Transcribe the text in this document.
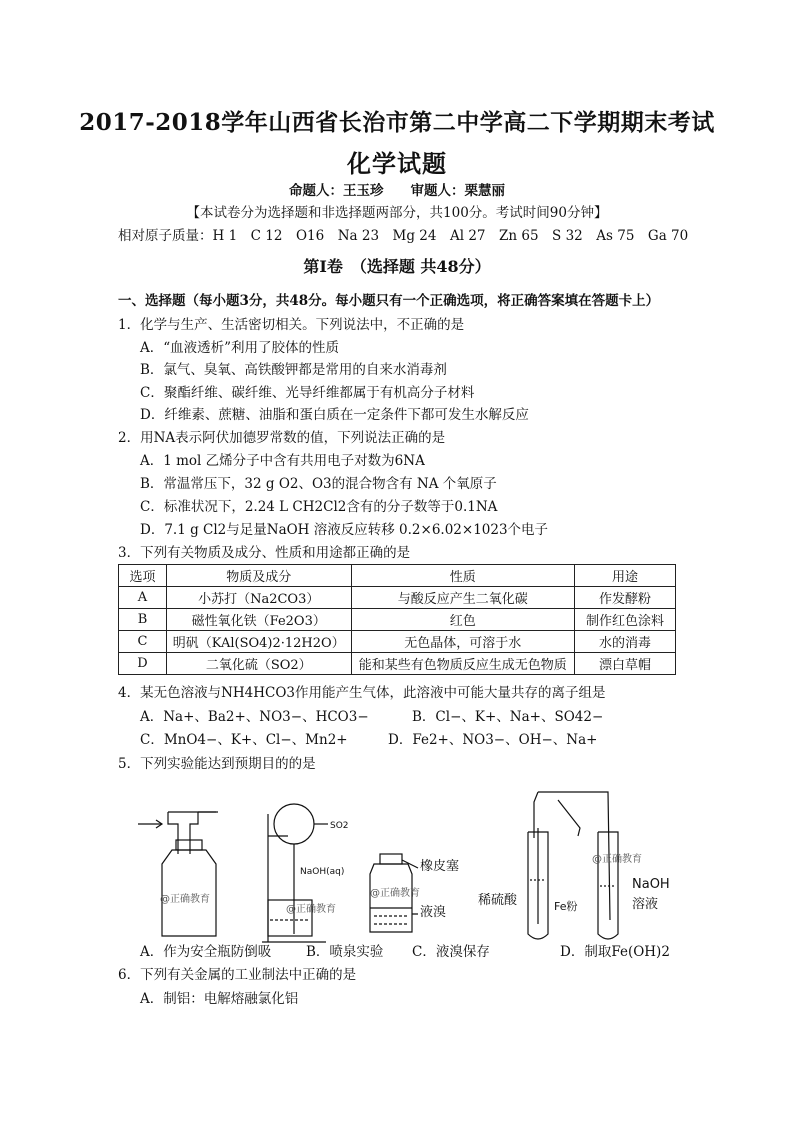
2017-2018学年山西省长治市第二中学高二下学期期末考试
化学试题
命题人：王玉珍　　审题人：栗慧丽
【本试卷分为选择题和非选择题两部分，共100分。考试时间90分钟】
相对原子质量：H 1　C 12　O16　Na 23　Mg 24　Al 27　Zn 65　S 32　As 75　Ga 70
第Ⅰ卷　（选择题 共48分）
一、选择题（每小题3分，共48分。每小题只有一个正确选项，将正确答案填在答题卡上）
1．化学与生产、生活密切相关。下列说法中，不正确的是
A．“血液透析”利用了胶体的性质
B．氯气、臭氧、高铁酸钾都是常用的自来水消毒剂
C．聚酯纤维、碳纤维、光导纤维都属于有机高分子材料
D．纤维素、蔗糖、油脂和蛋白质在一定条件下都可发生水解反应
2．用NA表示阿伏加德罗常数的值，下列说法正确的是
A．1 mol 乙烯分子中含有共用电子对数为6NA
B．常温常压下，32 g O2、O3的混合物含有 NA 个氧原子
C．标准状况下，2.24 L CH2Cl2含有的分子数等于0.1NA
D．7.1 g Cl2与足量NaOH 溶液反应转移 0.2×6.02×1023个电子
3．下列有关物质及成分、性质和用途都正确的是
选项	物质及成分	性质	用途
A	小苏打（Na2CO3）	与酸反应产生二氧化碳	作发酵粉
B	磁性氧化铁（Fe2O3）	红色	制作红色涂料
C	明矾（KAl(SO4)2·12H2O）	无色晶体，可溶于水	水的消毒
D	二氧化硫（SO2）	能和某些有色物质反应生成无色物质	漂白草帽
4．某无色溶液与NH4HCO3作用能产生气体，此溶液中可能大量共存的离子组是
A．Na+、Ba2+、NO3−、HCO3−	B．Cl−、K+、Na+、SO42−
C．MnO4−、K+、Cl−、Mn2+	D．Fe2+、NO3−、OH−、Na+
5．下列实验能达到预期目的的是
@正确教育
SO2
NaOH(aq)
@正确教育
橡皮塞
液溴
@正确教育	稀硫酸	Fe粉
NaOH
溶液
@正确教育
A．作为安全瓶防倒吸	B．喷泉实验 C．液溴保存	D．制取Fe(OH)2
6．下列有关金属的工业制法中正确的是
A．制铝：电解熔融氯化铝
